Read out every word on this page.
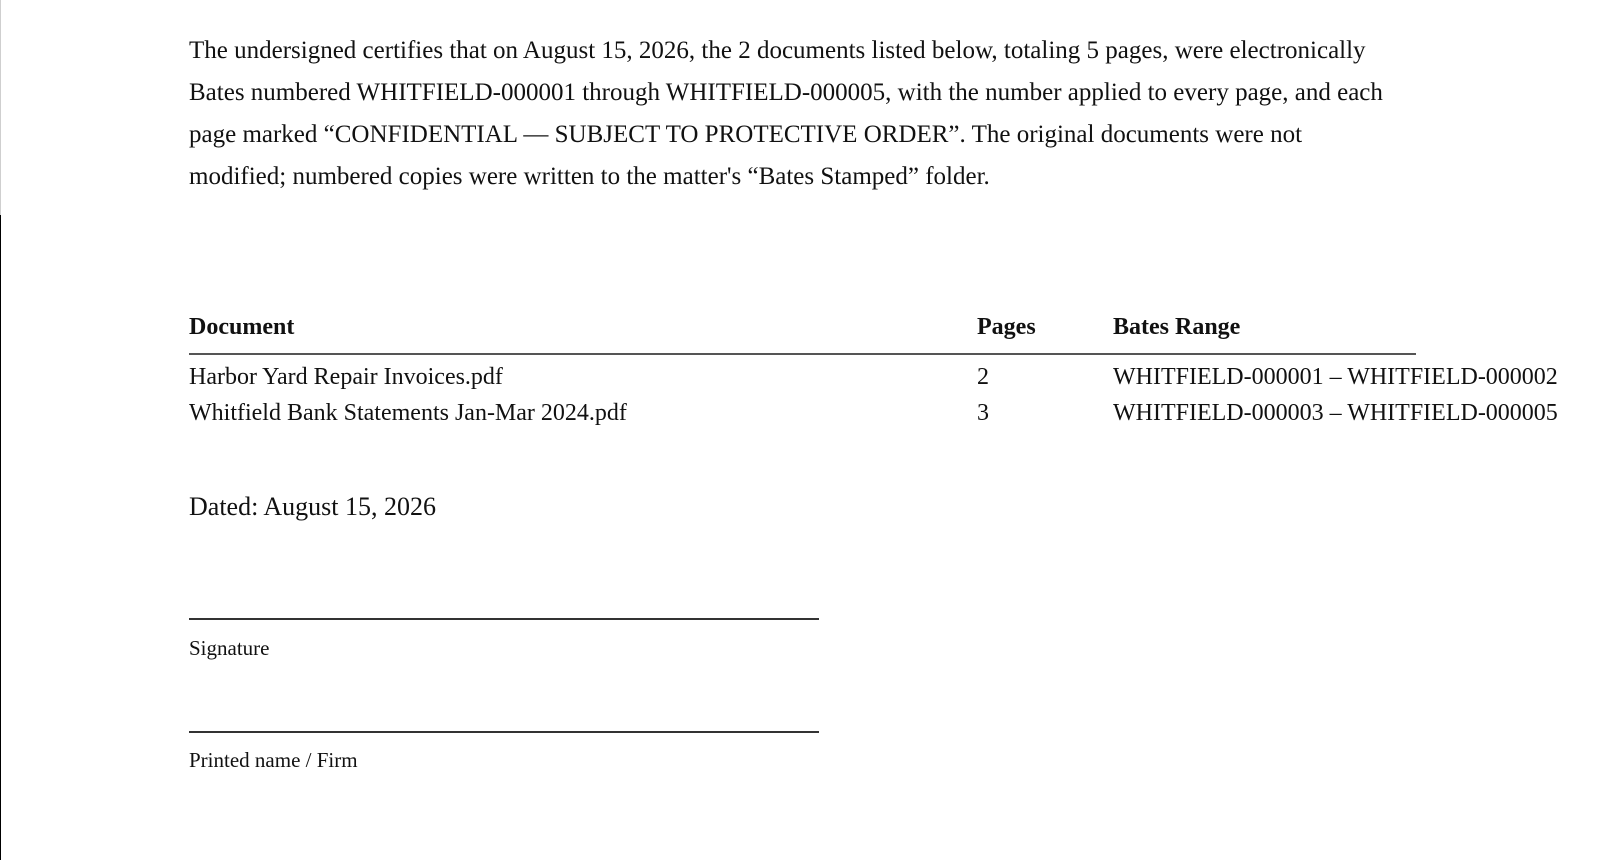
The undersigned certifies that on August 15, 2026, the 2 documents listed below, totaling 5 pages, were electronically Bates numbered WHITFIELD-000001 through WHITFIELD-000005, with the number applied to every page, and each page marked “CONFIDENTIAL — SUBJECT TO PROTECTIVE ORDER”. The original documents were not modified; numbered copies were written to the matter's “Bates Stamped” folder.

Document	Pages	Bates Range
Harbor Yard Repair Invoices.pdf	2	WHITFIELD-000001 – WHITFIELD-000002
Whitfield Bank Statements Jan-Mar 2024.pdf	3	WHITFIELD-000003 – WHITFIELD-000005
Dated: August 15, 2026
Signature
Printed name / Firm
